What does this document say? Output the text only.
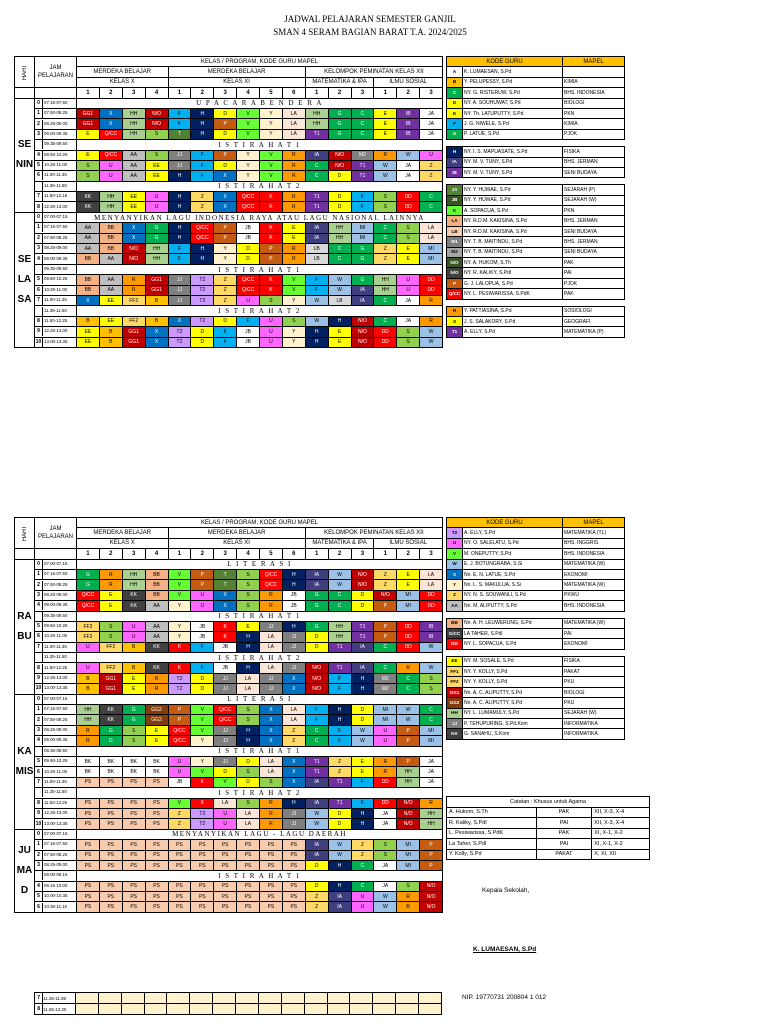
JADWAL PELAJARAN SEMESTER GANJIL
SMAN 4 SERAM BAGIAN BARAT T.A. 2024/2025
HARI	JAM PELAJARAN	KELAS / PROGRAM, KODE GURU MAPEL															
		MERDEKA BELAJAR				MERDEKA BELAJAR						KELOMPOK PEMINATAN KELAS XII					
		KELAS X				KELAS XI						MATEMATIKA & IPA			ILMU SOSIAL		
		1	2	3	4	1	2	3	4	5	6	1	2	3	1	2	3
SENIN	0 07.15-07.50	U P A C A R A B E N D E R A															

	1 07.50-08.25	GG1	X	HH	N/O	F	H	D	V	Y	LA	HH	G	C	E	IB	JA

	2 08.25-09.00	GG1	X	HH	N/O	F	H	P	V	Y	LA	HH	G	C	E	IB	JA

	3 09.00-09.35	E	Q/CC	HH	S	T	H	D	V	Y	LA	T1	G	C	E	IB	JA

	09.35-09.50	I S T I R A H A T 1															

	4 09.50-10.25	E	Q/CC	AA	S	JJ	F	P	Y	V	R	IA	N/O	M2	R	W	U

	5 10.25-11.00	S	U	AA	EE	JJ	F	D	Y	V	R	C	N/O	T1	W	JA	Z

	6 11.00-11.35	S	U	AA	EE	H	F	X	Y	V	R	C	D	T1	W	JA	Z

	11.35-11.50	I S T I R A H A T 2															

	7 11.50-12.15	KK	HH	EE	U	H	Z	X	Q/CC	K	R	T1	D	F	S	DD	C

	8 12.25-13.00	KK	HH	EE	U	H	Z	X	Q/CC	K	R	T1	D	F	S	DD	C
SELASA	0 07.00-07.15	MENYANYIKAN LAGU INDONESIA RAYA ATAU LAGU NASIONAL LAINNYA															

	1 07.15-07.50	AA	BB	X	G	H	Q/CC	P	JB	K	E	IA	HH	MI	C	S	LA

	2 07.50-08.25	AA	BB	X	G	H	Q/CC	P	JB	K	E	IA	HH	MI	C	S	LA

	3 08.25-09.00	AA	BB	N/O	HH	F	H	Y	D	P	R	LB	C	G	Z	E	MI

	4 09.00-09.35	BB	AA	N/O	HH	F	H	Y	D	P	R	LB	C	G	Z	E	MI

	09.35-09.50	I S T I R A H A T 1															

	5 09.50-10.25	BB	AA	R	GG1	JJ	T2	Z	Q/CC	K	V	F	W	G	HH	U	DD

	6 10.25-11.00	BB	AA	R	GG1	JJ	T2	Z	Q/CC	K	V	F	W	IA	HH	U	DD

	7 11.00-11.35	X	EE	FF2	B	JJ	T2	Z	U	S	Y	W	LB	IA	C	JA	R

	11.35-11.50	I S T I R A H A T 2															

	8 11.50-12.25	B	EE	FF2	B	X	T2	D	F	U	S	W	H	N/O	C	JA	R

	9 12.25-13.00	EE	B	GG1	X	T2	D	F	JB	U	Y	H	E	N/O	DD	S	W

	10 13.00-13.35	EE	B	GG1	X	T2	D	F	JB	U	Y	H	E	N/O	DD	S	W
HARI	JAM PELAJARAN	KELAS / PROGRAM, KODE GURU MAPEL															
		MERDEKA BELAJAR				MERDEKA BELAJAR						KELOMPOK PEMINATAN KELAS XII					
		KELAS X				KELAS XI						MATEMATIKA & IPA			ILMU SOSIAL		
		1	2	3	4	1	2	3	4	5	6	1	2	3	1	2	3
RABU	0 07.00-07.15	L I T E R A S I															

	1 07.15-07.50	G	R	HH	BB	V	P	T	S	Q/CC	H	IA	W	N/O	Z	E	LA

	2 07.50-08.25	G	R	HH	BB	V	P	T	S	Q/CC	H	IA	W	N/O	Z	E	LA

	3 08.25-09.00	Q/CC	E	KK	BB	V	U	X	S	R	JB	G	C	D	N/O	MI	DD

	4 09.00-09.35	Q/CC	E	KK	AA	Y	U	X	S	R	JB	G	C	D	P	MI	DD

	09.35-09.50	I S T I R A H A T 1															

	5 09.50-10.25	FF2	S	U	AA	Y	JB	K	E	JJ	H	G	HH	T1	P	DD	IB

	6 10.25-11.00	FF2	S	U	AA	Y	JB	K	H	LA	JJ	D	HH	T1	P	DD	IB

	7 11.00-11.35	U	FF2	B	KK	K	F	JB	H	LA	JJ	D	T1	IA	C	DD	W

	11.35-11.50	I S T I R A H A T 2															

	8 11.50-12.25	U	FF2	B	KK	K	F	JB	H	LA	JJ	N/O	T1	IA	C	R	W

	9 12.25-13.00	B	GG1	E	R	T2	D	JJ	LA	JJ	X	N/O	F	H	M2	C	S

	10 13.00-13.35	B	GG1	E	R	T2	D	JJ	LA	JJ	X	N/O	F	H	M2	C	S
KAMIS	0 07.00-07.15	L I T E R A S I															

	1 07.15-07.50	HH	KK	G	GG2	P	V	Q/CC	S	X	LA	F	H	D	MI	W	C

	2 07.50-08.25	HH	KK	G	GG2	P	V	Q/CC	S	X	LA	F	H	D	MI	W	C

	3 08.25-09.00	R	G	S	E	Q/CC	V	JJ	H	X	Z	C	F	W	U	P	MI

	4 09.00-09.35	R	G	S	E	Q/CC	Y	JJ	H	X	Z	C	F	W	U	P	MI

	09.35-09.50	I S T I R A H A T 1															

	5 09.50-10.25	BK	BK	BK	BK	U	Y	JJ	D	LA	X	T1	Z	E	R	P	JA

	6 10.25-11.00	BK	BK	BK	BK	U	V	D	S	LA	X	T1	Z	E	R	HH	JA

	7 11.00-11.35	PS	PS	PS	PS	JB	K	V	D	S	X	IA	T1	F	DD	HH	JA

	11.35-11.50	I S T I R A H A T 2															

	8 11.50-12.25	PS	PS	PS	PS	V	K	LA	S	R	H	IA	T1	F	DD	N/O	R

	9 12.25-13.00	PS	PS	PS	PS	Z	T2	U	LA	R	JJ	W	D	H	JA	N/O	HH

	10 13.00-13.35	PS	PS	PS	PS	Z	T2	U	LA	R	JJ	W	D	H	JA	N/O	HH
JUMAD	0 07.00-07.15	MENYANYIKAN LAGU - LAGU DAERAH															

	1 07.15-07.50	PS	PS	PS	PS	PS	PS	PS	PS	PS	PS	IA	W	Z	S	MI	P

	2 07.50-08.25	PS	PS	PS	PS	PS	PS	PS	PS	PS	PS	IA	W	Z	S	MI	P

	3 08.25-09.00	PS	PS	PS	PS	PS	PS	PS	PS	PS	PS	D	H	C	JA	MI	P

	09.00-09.15	I S T I R A H A T 1															

	4 09.15-10.00	PS	PS	PS	PS	PS	PS	PS	PS	PS	PS	D	H	C	JA	S	N/O

	5 10.00-10.35	PS	PS	PS	PS	PS	PS	PS	PS	PS	PS	Z	IA	U	W	R	N/O

	6 10.35-11.10	PS	PS	PS	PS	PS	PS	PS	PS	PS	PS	Z	IA	U	W	R	N/O
KODE GURU		MAPEL
A	K. LUMAESAN, S.Pd	
B	Y. PELUPESSY, S.Pd	KIMIA
C	NY. G. RISTERUW, S.Pd	BHS. INDONESIA
D	NY. A. SOUHUWAT, S.Pd	BIOLOGI
E	NY. Th. LATUPUTTY, S.Pd	PKN
F	J. G. NIWELE, S.Pd	KIMIA
G	P. LATUE, S.Pd	PJOK

H	NY. I. S. MAPUASATE, S.Pd	FISIKA
IA	NY. M. V. TUNY, S.Pd	BHS. JERMAN
IB	NY. M. V. TUNY, S.Pd	SENI BUDAYA

JA	NY. Y. HUWAE, S.Pd	SEJARAH (P)
JB	NY. Y. HUWAE, S.Pd	SEJARAH (W)
K	A. SOPACUA, S.Pd	PKN
LA	NY. R.D.M. KAKISINA, S.Pd	BHS. JERMAN
LB	NY. R.D.M. KAKISINA, S.Pd	SENI BUDAYA
M1	NY. T. B. MAITINDU, S.Pd	BHS. JERMAN
M2	NY. T. B. MAITINDU, S.Pd	SENI BUDAYA
N/O	NY. A. HUKOM, S.Th	PAK
N/O	NY. R. KALIKY, S.Pdl	PAI
P	G. J. LALOPUA, S.Pd	PJOK
Q/CC	NY. L. PESIWARISSA, S.PdK	PAK

R	Y. PATTIASINA, S.Pd	SOSIOLOGI
S	J. S. SALAKORY, S.Pd	GEOGRAFI
T1	A. ELLY, S.Pd	MATEMATIKA (P)
KODE GURU		MAPEL
T2	A. ELLY, S.Pd	MATEMATIKA (TL)
U	NY. O. SALELATU, S.Pd	BHS. INGGRIS
V	M. ONEPUTTY, S.Pd	BHS. INDONESIA
W	E. J. BOTUNGRABA, S.Si	MATEMATIKA (W)
X	Nn. E. N. LATUE, S.Pd	EKONOMI
Y	Nn. L. S. MAKULUA, S.Si	MATEMATIKA (W)
Z	NY. N. S. SOUWANLI, S.Pd	PKWU
AA	Nn. M. ALIPUTTY, S.Pd	BHS. INDONESIA

BB	Nn. A. H. LEUWERUNG, S.Pd	MATEMATIKA (W)
G/CC	LA TAHER, S.Pdl	PAI
DD	NY. L. SOPACUA, S.Pd	EKONOMI

EE	NY. M. SOSALE, S.Pd	FISIKA
FF1	NY. Y. KOLLY, S.Pd	PAKAT
FF2	NY. Y. KOLLY, S.Pd	PKU
GG1	Nn. A. C. ALIPUTTY, S.Pd	BIOLOGI
GG2	Nn. A. C. ALIPUTTY, S.Pd	PKU
HH	NY. L. LUMAMULY, S.Pd	SEJARAH (W)
JJ	P. TEHUPURING, S.Pd.Kom	INFORMATIKA
KK	G. SANAHU, S.Kom	INFORMATIKA
Catatan : Khusus untuk Agama		
A. Hukom, S.Th	PAK	XII, X-3, X-4
R. Kaliky, S.PdI	PAI	XII, X-3, X-4
L. Pesiwarissa, S.PdK	PAK	XI, X-1, X-2
La Taher, S.PdI	PAI	XI, X-1, X-2
Y. Kolly, S.Pd	PAKAT	X, XI, XII
Kepala Sekolah,
K. LUMAESAN, S.Pd
NIP. 19770731 200804 1 012
7	11.25-11.55																
8	11.55-12.30																
